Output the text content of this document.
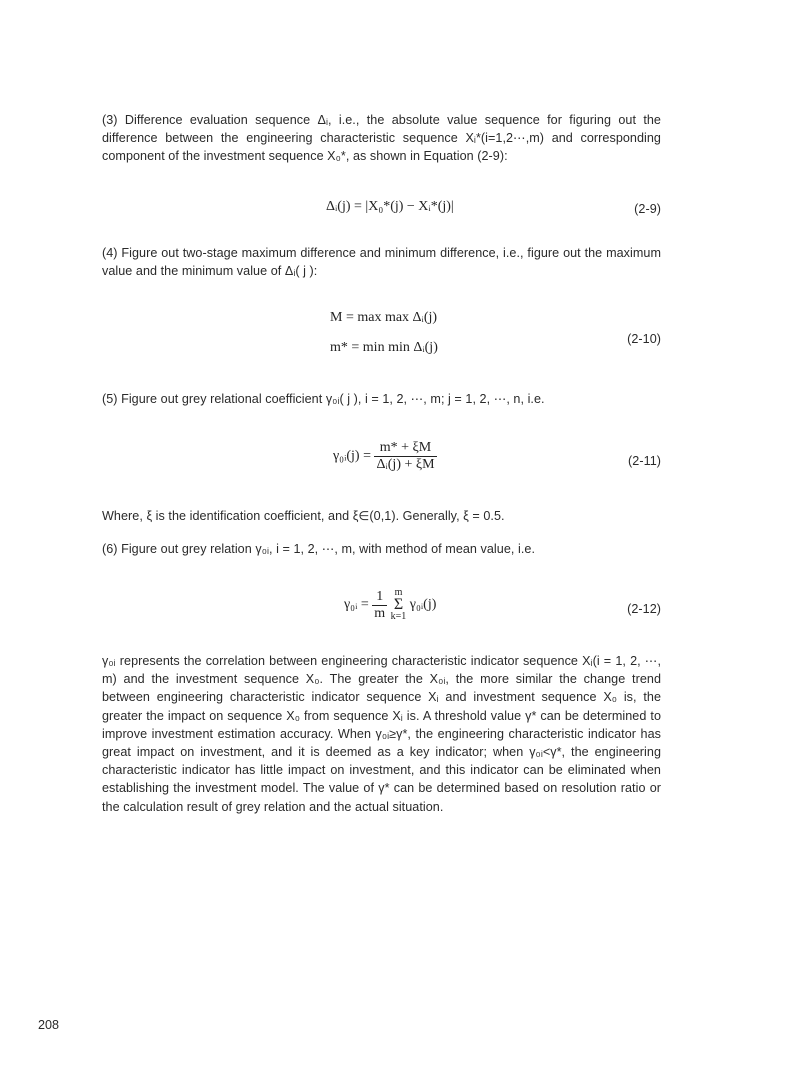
(3) Difference evaluation sequence Δᵢ, i.e., the absolute value sequence for figuring out the difference between the engineering characteristic sequence Xᵢ*(i=1,2⋯,m) and corresponding component of the investment sequence X₀*, as shown in Equation (2-9):
Δᵢ(j) = |X₀*(j) − Xᵢ*(j)|	(2-9)
(4) Figure out two-stage maximum difference and minimum difference, i.e., figure out the maximum value and the minimum value of Δᵢ( j ):
M = max max Δᵢ(j)
m* = min min Δᵢ(j)
(2-10)
(5) Figure out grey relational coefficient γ₀ᵢ( j ), i = 1, 2, ⋯, m; j = 1, 2, ⋯, n, i.e.
γ₀ᵢ(j) = $\frac{m* + \xi M}{\text{Δᵢ(j) + ξM}}$	(2-11)
Where, ξ is the identification coefficient, and ξ∈(0,1). Generally, ξ = 0.5.
(6) Figure out grey relation γ₀ᵢ, i = 1, 2, ⋯, m, with method of mean value, i.e.
γ₀ᵢ = $\frac{1}{m}$
m
Σ
k=1
γ₀ᵢ(j)	(2-12)
γ₀ᵢ represents the correlation between engineering characteristic indicator sequence Xᵢ(i = 1, 2, ⋯, m) and the investment sequence X₀. The greater the X₀ᵢ, the more similar the change trend between engineering characteristic indicator sequence Xᵢ and investment sequence X₀ is, the greater the impact on sequence X₀ from sequence Xᵢ is. A threshold value γ* can be determined to improve investment estimation accuracy. When γ₀ᵢ≥γ*, the engineering characteristic indicator has great impact on investment, and it is deemed as a key indicator; when γ₀ᵢ<γ*, the engineering characteristic indicator has little impact on investment, and this indicator can be eliminated when establishing the investment model. The value of γ* can be determined based on resolution ratio or the calculation result of grey relation and the actual situation.
208
